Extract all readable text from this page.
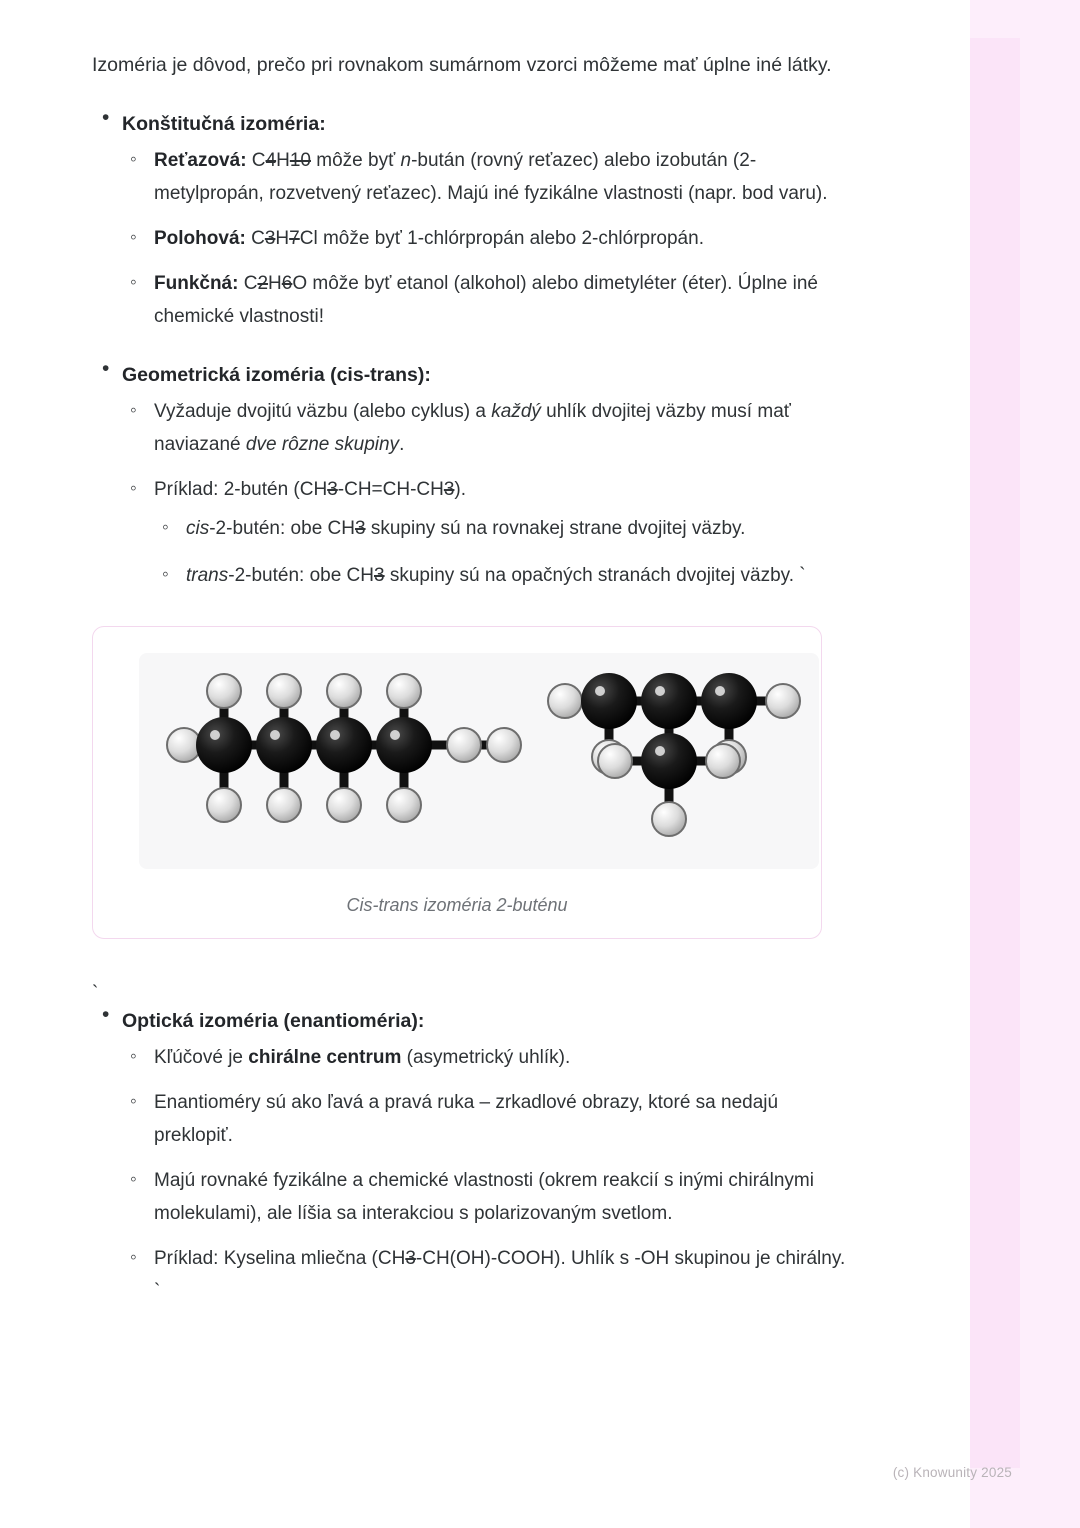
Izoméria je dôvod, prečo pri rovnakom sumárnom vzorci môžeme mať úplne iné látky.

• Konštitučná izoméria:
◦ Reťazová: C4H10 môže byť n-bután (rovný reťazec) alebo izobután (2-metylpropán, rozvetvený reťazec). Majú iné fyzikálne vlastnosti (napr. bod varu).
◦ Polohová: C3H7Cl môže byť 1-chlórpropán alebo 2-chlórpropán.
◦ Funkčná: C2H6O môže byť etanol (alkohol) alebo dimetyléter (éter). Úplne iné chemické vlastnosti!
• Geometrická izoméria (cis-trans):
◦ Vyžaduje dvojitú väzbu (alebo cyklus) a každý uhlík dvojitej väzby musí mať naviazané dve rôzne skupiny.
◦ Príklad: 2-butén (CH3-CH=CH-CH3).
◦ cis-2-butén: obe CH3 skupiny sú na rovnakej strane dvojitej väzby.
◦ trans-2-butén: obe CH3 skupiny sú na opačných stranách dvojitej väzby. `
Cis-trans izoméria 2-buténu
`
• Optická izoméria (enantioméria):
◦ Kľúčové je chirálne centrum (asymetrický uhlík).
◦ Enantioméry sú ako ľavá a pravá ruka – zrkadlové obrazy, ktoré sa nedajú preklopiť.
◦ Majú rovnaké fyzikálne a chemické vlastnosti (okrem reakcií s inými chirálnymi molekulami), ale líšia sa interakciou s polarizovaným svetlom.
◦ Príklad: Kyselina mliečna (CH3-CH(OH)-COOH). Uhlík s -OH skupinou je chirálny. `
(c) Knowunity 2025
